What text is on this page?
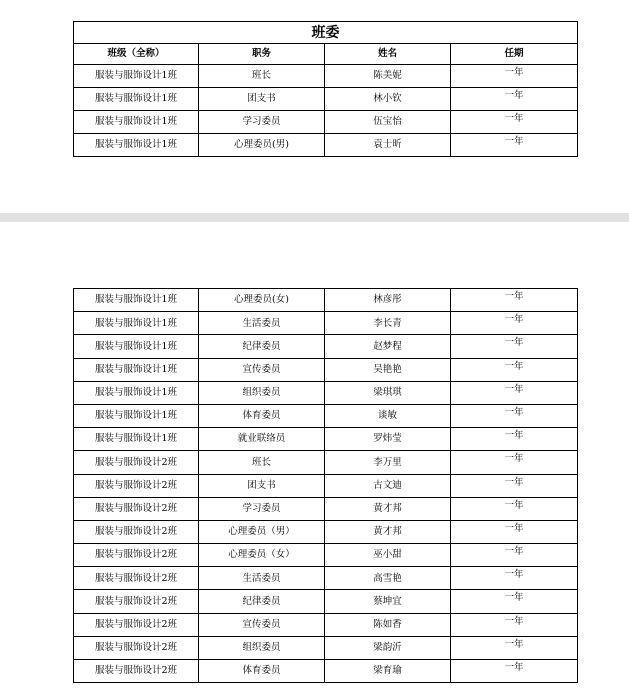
班委			
班级（全称）	职务	姓名	任期
服装与服饰设计1班	班长	陈美妮	一年
服装与服饰设计1班	团支书	林小钦	一年
服装与服饰设计1班	学习委员	伍宝怡	一年
服装与服饰设计1班	心理委员(男)	袁士昕	一年
服装与服饰设计1班	心理委员(女)	林彦彤	一年
服装与服饰设计1班	生活委员	李长青	一年
服装与服饰设计1班	纪律委员	赵梦程	一年
服装与服饰设计1班	宣传委员	吴艳艳	一年
服装与服饰设计1班	组织委员	梁琪琪	一年
服装与服饰设计1班	体育委员	谈敏	一年
服装与服饰设计1班	就业联络员	罗炜莹	一年
服装与服饰设计2班	班长	李万里	一年
服装与服饰设计2班	团支书	古文迪	一年
服装与服饰设计2班	学习委员	黄才邦	一年
服装与服饰设计2班	心理委员（男）	黄才邦	一年
服装与服饰设计2班	心理委员（女）	巫小甜	一年
服装与服饰设计2班	生活委员	高雪艳	一年
服装与服饰设计2班	纪律委员	蔡坤宜	一年
服装与服饰设计2班	宣传委员	陈如香	一年
服装与服饰设计2班	组织委员	梁韵沂	一年
服装与服饰设计2班	体育委员	梁育瑜	一年
